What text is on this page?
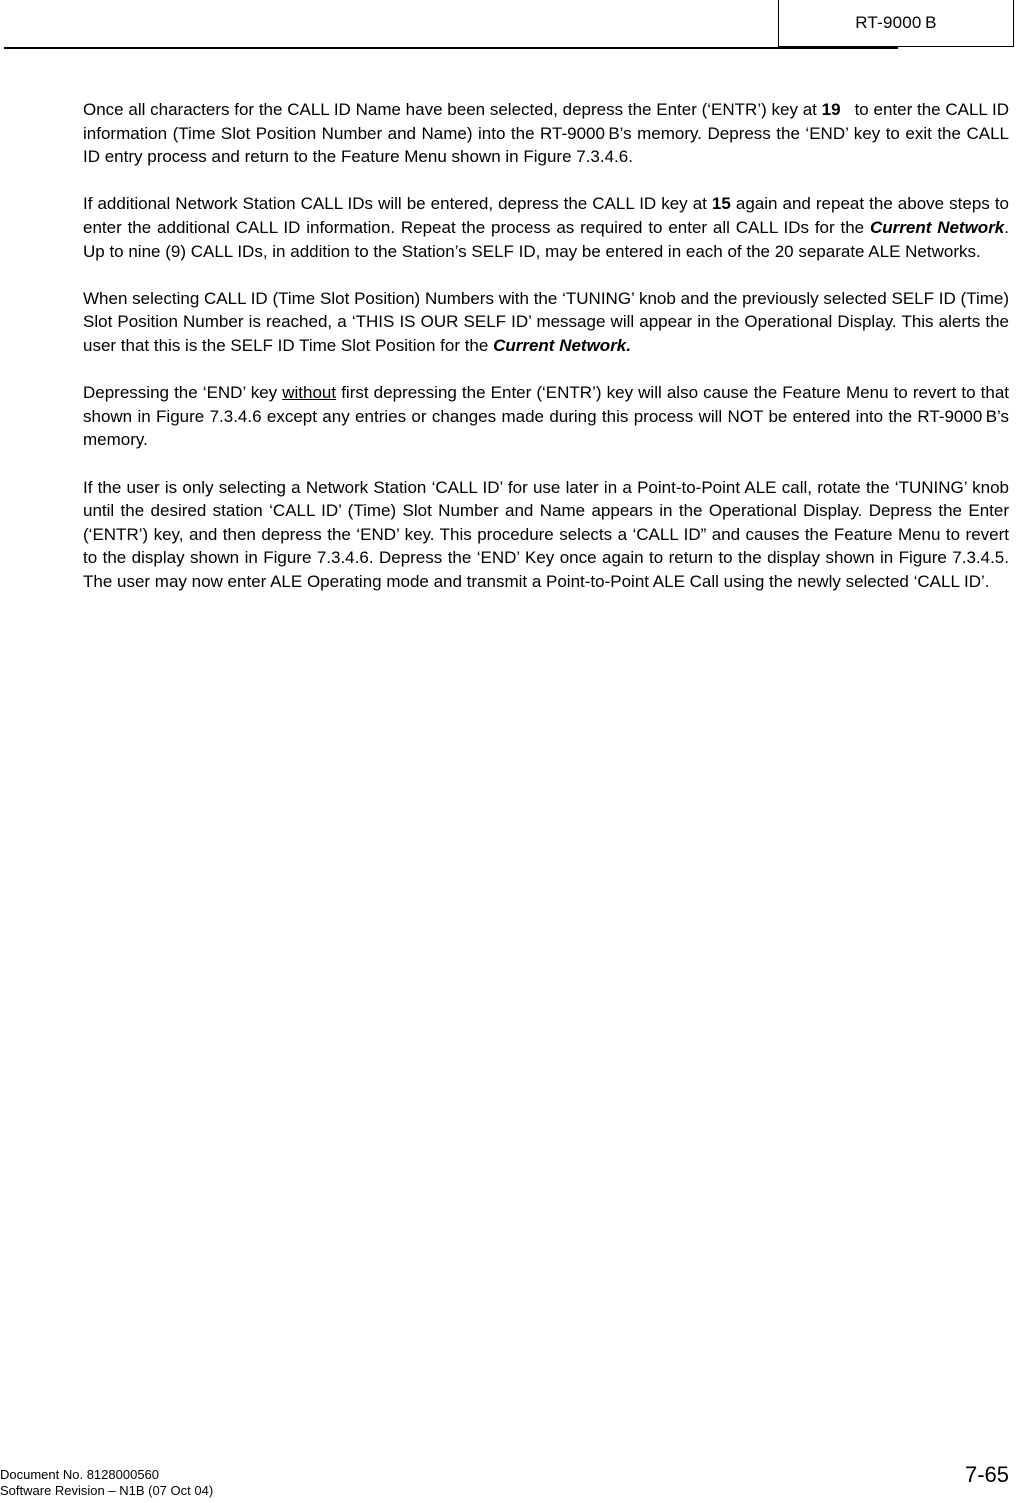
RT-9000 B

Once all characters for the CALL ID Name have been selected, depress the Enter (‘ENTR’) key at 19 to enter the CALL ID information (Time Slot Position Number and Name) into the RT-9000 B’s memory. Depress the ‘END’ key to exit the CALL ID entry process and return to the Feature Menu shown in Figure 7.3.4.6.

If additional Network Station CALL IDs will be entered, depress the CALL ID key at 15 again and repeat the above steps to enter the additional CALL ID information. Repeat the process as required to enter all CALL IDs for the Current Network. Up to nine (9) CALL IDs, in addition to the Station’s SELF ID, may be entered in each of the 20 separate ALE Networks.

When selecting CALL ID (Time Slot Position) Numbers with the ‘TUNING’ knob and the previously selected SELF ID (Time) Slot Position Number is reached, a ‘THIS IS OUR SELF ID’ message will appear in the Operational Display. This alerts the user that this is the SELF ID Time Slot Position for the Current Network.

Depressing the ‘END’ key without first depressing the Enter (‘ENTR’) key will also cause the Feature Menu to revert to that shown in Figure 7.3.4.6 except any entries or changes made during this process will NOT be entered into the RT-9000 B’s memory.

If the user is only selecting a Network Station ‘CALL ID’ for use later in a Point-to-Point ALE call, rotate the ‘TUNING’ knob until the desired station ‘CALL ID’ (Time) Slot Number and Name appears in the Operational Display. Depress the Enter (‘ENTR’) key, and then depress the ‘END’ key. This procedure selects a ‘CALL ID” and causes the Feature Menu to revert to the display shown in Figure 7.3.4.6. Depress the ‘END’ Key once again to return to the display shown in Figure 7.3.4.5. The user may now enter ALE Operating mode and transmit a Point-to-Point ALE Call using the newly selected ‘CALL ID’.

Document No. 8128000560
Software Revision – N1B (07 Oct 04)
7-65
